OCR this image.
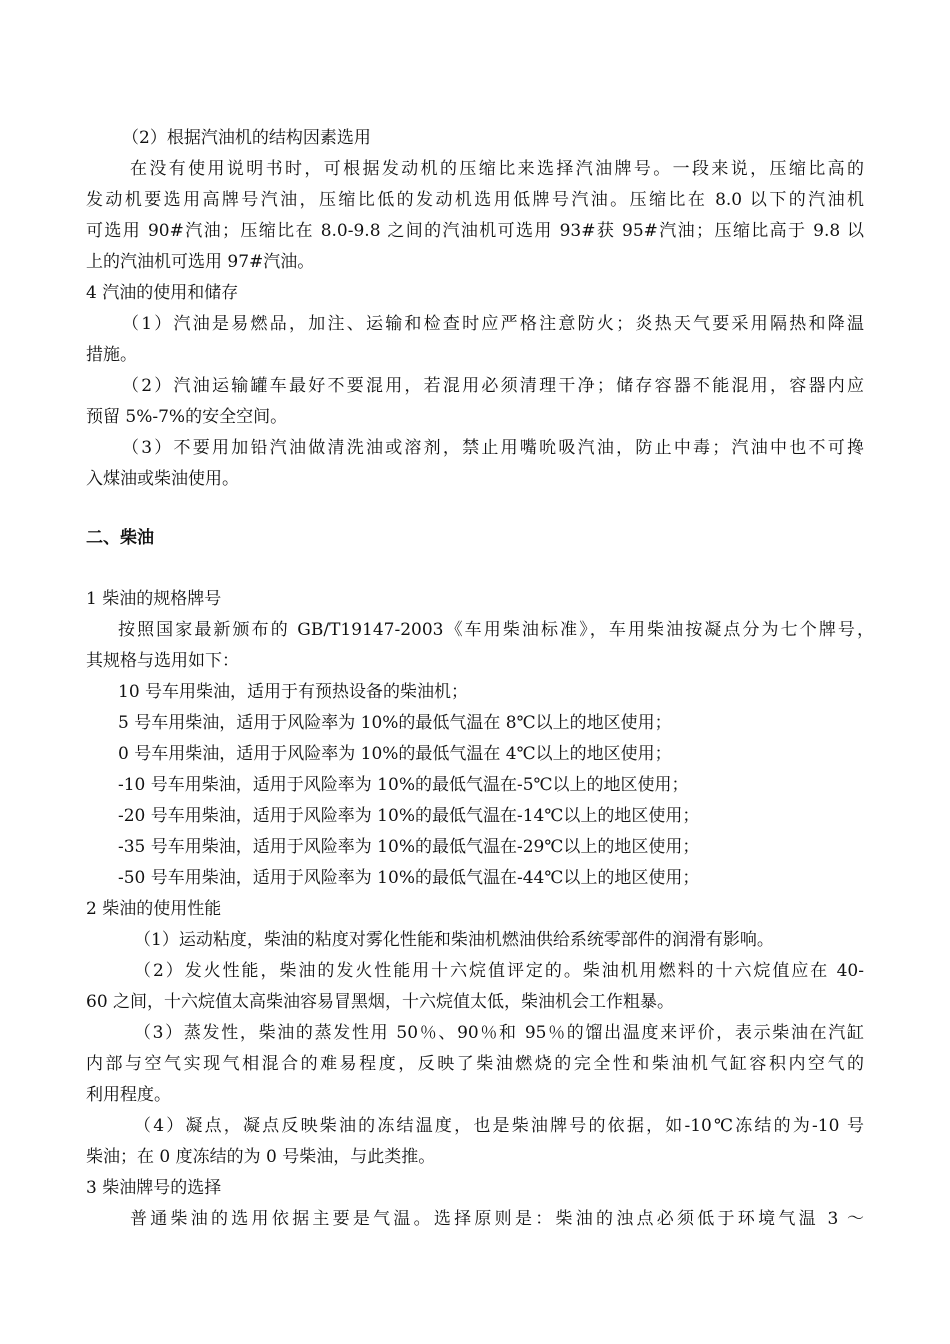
（2）根据汽油机的结构因素选用
在没有使用说明书时，可根据发动机的压缩比来选择汽油牌号。一段来说，压缩比高的
发动机要选用高牌号汽油，压缩比低的发动机选用低牌号汽油。压缩比在 8.0 以下的汽油机
可选用 90#汽油；压缩比在 8.0-9.8 之间的汽油机可选用 93#获 95#汽油；压缩比高于 9.8 以
上的汽油机可选用 97#汽油。
4 汽油的使用和储存
（1）汽油是易燃品，加注、运输和检查时应严格注意防火；炎热天气要采用隔热和降温
措施。
（2）汽油运输罐车最好不要混用，若混用必须清理干净；储存容器不能混用，容器内应
预留 5%-7%的安全空间。
（3）不要用加铅汽油做清洗油或溶剂，禁止用嘴吮吸汽油，防止中毒；汽油中也不可搀
入煤油或柴油使用。
二、柴油
1 柴油的规格牌号
按照国家最新颁布的 GB/T19147-2003《车用柴油标准》，车用柴油按凝点分为七个牌号，
其规格与选用如下：
10 号车用柴油，适用于有预热设备的柴油机；
5 号车用柴油，适用于风险率为 10%的最低气温在 8℃以上的地区使用；
0 号车用柴油，适用于风险率为 10%的最低气温在 4℃以上的地区使用；
-10 号车用柴油，适用于风险率为 10%的最低气温在-5℃以上的地区使用；
-20 号车用柴油，适用于风险率为 10%的最低气温在-14℃以上的地区使用；
-35 号车用柴油，适用于风险率为 10%的最低气温在-29℃以上的地区使用；
-50 号车用柴油，适用于风险率为 10%的最低气温在-44℃以上的地区使用；
2 柴油的使用性能
（1）运动粘度，柴油的粘度对雾化性能和柴油机燃油供给系统零部件的润滑有影响。
（2）发火性能，柴油的发火性能用十六烷值评定的。柴油机用燃料的十六烷值应在 40-
60 之间，十六烷值太高柴油容易冒黑烟，十六烷值太低，柴油机会工作粗暴。
（3）蒸发性，柴油的蒸发性用 50％、90％和 95％的馏出温度来评价，表示柴油在汽缸
内部与空气实现气相混合的难易程度，反映了柴油燃烧的完全性和柴油机气缸容积内空气的
利用程度。
（4）凝点，凝点反映柴油的冻结温度，也是柴油牌号的依据，如-10℃冻结的为-10 号
柴油；在 0 度冻结的为 0 号柴油，与此类推。
3 柴油牌号的选择
普通柴油的选用依据主要是气温。选择原则是：柴油的浊点必须低于环境气温 3 ～
